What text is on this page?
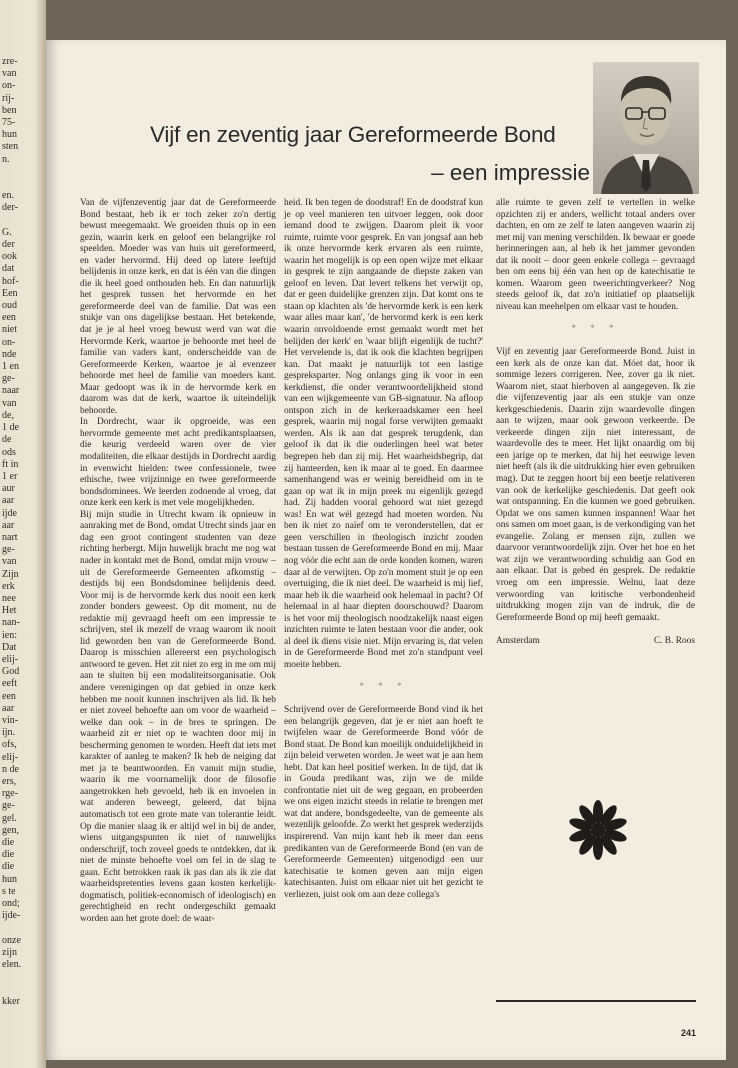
zre-
van
on-
rij-
ben
75-
hun
sten
n.

en.
der-

G.
der
ook
dat
hof-
Een
oud
een
niet
on-
nde
1 en
ge-
naar
van
de,
1 de
de
ods
ft in
1 er
aur
aar
ijde
aar
nart
ge-
van
Zijn
erk
nee
Het
nan-
ien:
Dat
elij-
God
eeft
een
aar
vin-
ijn.
ofs,
elij-
n de
ers,
rge-
ge-
gel.
gen,
die
die
die
hun
s te
ond;
ijde-

onze
zijn
elen.

kker
Vijf en zeventig jaar Gereformeerde Bond
– een impressie

Van de vijfenzeventig jaar dat de Gereformeerde Bond bestaat, heb ik er toch zeker zo'n dertig bewust meegemaakt. We groeiden thuis op in een gezin, waarin kerk en geloof een belangrijke rol speelden. Moeder was van huis uit gereformeerd, en vader hervormd. Hij deed op latere leeftijd belijdenis in onze kerk, en dat is één van die dingen die ik heel goed onthouden heb. En dan natuurlijk het gesprek tussen het hervormde en het gereformeerde deel van de familie. Dat was een stukje van ons dagelijkse bestaan. Het betekende, dat je je al heel vroeg bewust werd van wat die Hervormde Kerk, waartoe je behoorde met heel de familie van vaders kant, onderscheidde van de Gereformeerde Kerken, waartoe je al evenzeer behoorde met heel de familie van moeders kant. Maar gedoopt was ik in de hervormde kerk en daarom was dat de kerk, waartoe ik uiteindelijk behoorde.

In Dordrecht, waar ik opgroeide, was een hervormde gemeente met acht predikantsplaatsen, die keurig verdeeld waren over de vier modaliteiten, die elkaar destijds in Dordrecht aardig in evenwicht hielden: twee confessionele, twee ethische, twee vrijzinnige en twee gereformeerde bondsdominees. We leerden zodoende al vroeg, dat onze kerk een kerk is met vele mogelijkheden.

Bij mijn studie in Utrecht kwam ik opnieuw in aanraking met de Bond, omdat Utrecht sinds jaar en dag een groot contingent studenten van deze richting herbergt. Mijn huwelijk bracht me nog wat nader in kontakt met de Bond, omdat mijn vrouw – uit de Gereformeerde Gemeenten afkomstig – destijds bij een Bondsdominee belijdenis deed. Voor mij is de hervormde kerk dus nooit een kerk zonder bonders geweest. Op dit moment, nu de redaktie mij gevraagd heeft om een impressie te schrijven, stel ik mezelf de vraag waarom ik nooit lid geworden ben van de Gereformeerde Bond. Daarop is misschien allereerst een psychologisch antwoord te geven. Het zit niet zo erg in me om mij aan te sluiten bij een modaliteitsorganisatie. Ook andere verenigingen op dat gebied in onze kerk hebben me nooit kunnen inschrijven als lid. Ik heb er niet zoveel behoefte aan om voor de waarheid – welke dan ook – in de bres te springen. De waarheid zit er niet op te wachten door mij in bescherming genomen te worden. Heeft dat iets met karakter of aanleg te maken? Ik heb de neiging dat met ja te beantwoorden. En vanuit mijn studie, waarin ik me voornamelijk door de filosofie aangetrokken heb gevoeld, heb ik en invoelen in wat anderen beweegt, geleerd, dat bijna automatisch tot een grote mate van tolerantie leidt. Op die manier slaag ik er altijd wel in bij de ander, wiens uitgangspunten ik niet of nauwelijks onderschrijf, toch zoveel goeds te ontdekken, dat ik niet de minste behoefte voel om fel in de slag te gaan. Echt betrokken raak ik pas dan als ik zie dat waarheidspretenties levens gaan kosten kerkelijk-dogmatisch, politiek-economisch of ideologisch) en gerechtigheid en recht ondergeschikt gemaakt worden aan het grote doel: de waar-

heid. Ik ben tegen de doodstraf! En de doodstraf kun je op veel manieren ten uitvoer leggen, ook door iemand dood te zwijgen. Daarom pleit ik voor ruimte, ruimte voor gesprek. En van jongsaf aan heb ik onze hervormde kerk ervaren als een ruimte, waarin het mogelijk is op een open wijze met elkaar in gesprek te zijn aangaande de diepste zaken van geloof en leven. Dat levert telkens het verwijt op, dat er geen duidelijke grenzen zijn. Dat komt ons te staan op klachten als 'de hervormde kerk is een kerk waar alles maar kan', 'de hervormd kerk is een kerk waarin onvoldoende ernst gemaakt wordt met het belijden der kerk' en 'waar blijft eigenlijk de tucht?' Het vervelende is, dat ik ook die klachten begrijpen kan. Dat maakt je natuurlijk tot een lastige gespreksparter. Nog onlangs ging ik voor in een kerkdienst, die onder verantwoordelijkheid stond van een wijkgemeente van GB-signatuur. Na afloop ontspon zich in de kerkeraadskamer een heel gesprek, waarin mij nogal forse verwijten gemaakt werden. Als ik aan dat gesprek terugdenk, dan geloof ik dat ik die ouderlingen heel wat beter begrepen heb dan zij mij. Het waarheidsbegrip, dat zij hanteerden, ken ik maar al te goed. En daarmee samenhangend was er weinig bereidheid om in te gaan op wat ik in mijn preek nu eigenlijk gezegd had. Zij hadden vooral gehoord wat niet gezegd was! En wat wél gezegd had moeten worden. Nu ben ik niet zo naïef om te veronderstellen, dat er geen verschillen in theologisch inzicht zouden bestaan tussen de Gereformeerde Bond en mij. Maar nog vóór die echt aan de orde konden komen, waren daar al de verwijten. Op zo'n moment stuit je op een overtuiging, die ik niet deel. De waarheid is mij lief, maar heb ik die waarheid ook helemaal in pacht? Of helemaal in al haar diepten doorschouwd? Daarom is het voor mij theologisch noodzakelijk naast eigen inzichten ruimte te laten bestaan voor die ander, ook al deel ik diens visie niet. Mijn ervaring is, dat velen in de Gereformeerde Bond met zo'n standpunt veel moeite hebben.

* * *

Schrijvend over de Gereformeerde Bond vind ik het een belangrijk gegeven, dat je er niet aan hoeft te twijfelen waar de Gereformeerde Bond vóór de Bond staat. De Bond kan moeilijk onduidelijkheid in zijn beleid verweten worden. Je weet wat je aan hem hebt. Dat kan heel positief werken. In de tijd, dat ik in Gouda predikant was, zijn we de milde confrontatie niet uit de weg gegaan, en probeerden we ons eigen inzicht steeds in relatie te brengen met wat dat andere, bondsgedeelte, van de gemeente als wezenlijk geloofde. Zo werkt het gesprek wederzijds inspirerend. Van mijn kant heb ik meer dan eens predikanten van de Gereformeerde Bond (en van de Gereformeerde Gemeenten) uitgenodigd een uur katechisatie te komen geven aan mijn eigen katechisanten. Juist om elkaar niet uit het gezicht te verliezen, juist ook om aan deze collega's

alle ruimte te geven zelf te vertellen in welke opzichten zij er anders, wellicht totaal anders over dachten, en om ze zelf te laten aangeven waarin zij met mij van mening verschilden. Ik bewaar er goede herinneringen aan, al heb ik het jammer gevonden dat ik nooit – door geen enkele collega – gevraagd ben om eens bij één van hen op de katechisatie te komen. Waarom geen tweerichtingverkeer? Nog steeds geloof ik, dat zo'n initiatief op plaatselijk niveau kan meehelpen om elkaar vast te houden.

* * *

Vijf en zeventig jaar Gereformeerde Bond. Juist in een kerk als de onze kan dat. Móet dat, hoor ik sommige lezers corrigeren. Nee, zover ga ik niet. Waarom niet, staat hierboven al aangegeven. Ik zie die vijfenzeventig jaar als een stukje van onze kerkgeschiedenis. Daarin zijn waardevolle dingen aan te wijzen, maar ook gewoon verkeerde. De verkeerde dingen zijn niet interessant, de waardevolle des te meer. Het lijkt onaardig om bij een jarige op te merken, dat hij het eeuwige leven niet heeft (als ik die uitdrukking hier even gebruiken mag). Dat te zeggen hoort bij een beetje relativeren van ook de kerkelijke geschiedenis. Dat geeft ook wat ontspanning. En die kunnen we goed gebruiken. Opdat we ons samen kunnen inspannen! Waar het ons samen om moet gaan, is de verkondiging van het evangelie. Zolang er mensen zijn, zullen we daarvoor verantwoordelijk zijn. Over het hoe en het wat zijn we verantwoording schuldig aan God en aan elkaar. Dat is gebed én gesprek. De redaktie vroeg om een impressie. Welnu, laat deze verwoording van kritische verbondenheid uitdrukking mogen zijn van de indruk, die de Gereformeerde Bond op mij heeft gemaakt.

Amsterdam	C. B. Roos
241
